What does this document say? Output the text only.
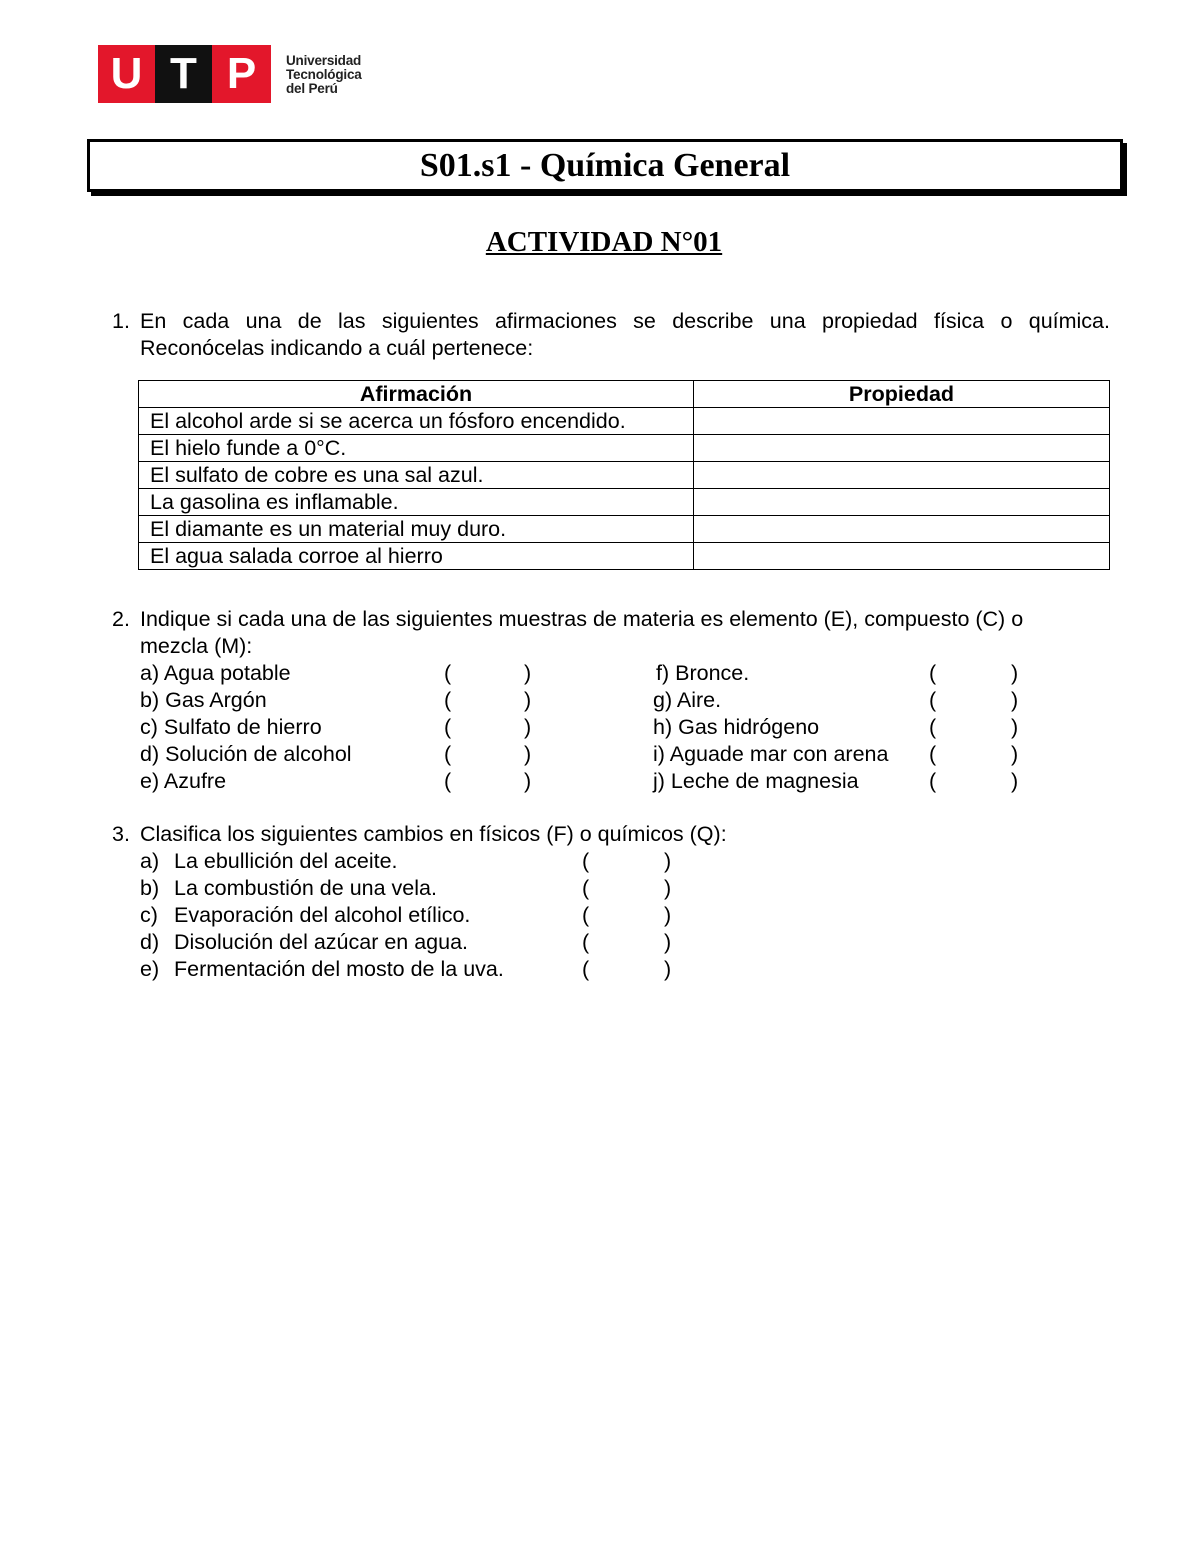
U T P Universidad
Tecnológica
del Perú
S01.s1 - Química General
ACTIVIDAD N°01
1. En cada una de las siguientes afirmaciones se describe una propiedad física o química.
Reconócelas indicando a cuál pertenece:
Afirmación	Propiedad
El alcohol arde si se acerca un fósforo encendido.	
El hielo funde a 0°C.	
El sulfato de cobre es una sal azul.	
La gasolina es inflamable.	
El diamante es un material muy duro.	
El agua salada corroe al hierro	
2. Indique si cada una de las siguientes muestras de materia es elemento (E), compuesto (C) o
mezcla (M):
a) Agua potable	(	)	f) Bronce.	(	)
b) Gas Argón	(	)	g) Aire.	(	)
c) Sulfato de hierro	(	)	h) Gas hidrógeno	(	)
d) Solución de alcohol	(	)	i) Aguade mar con arena (	)
e) Azufre	(	)	j) Leche de magnesia	(	)
3. Clasifica los siguientes cambios en físicos (F) o químicos (Q):
a) La ebullición del aceite.	(	)
b) La combustión de una vela.	(	)
c) Evaporación del alcohol etílico.	(	)
d) Disolución del azúcar en agua.	(	)
e) Fermentación del mosto de la uva.	(	)
